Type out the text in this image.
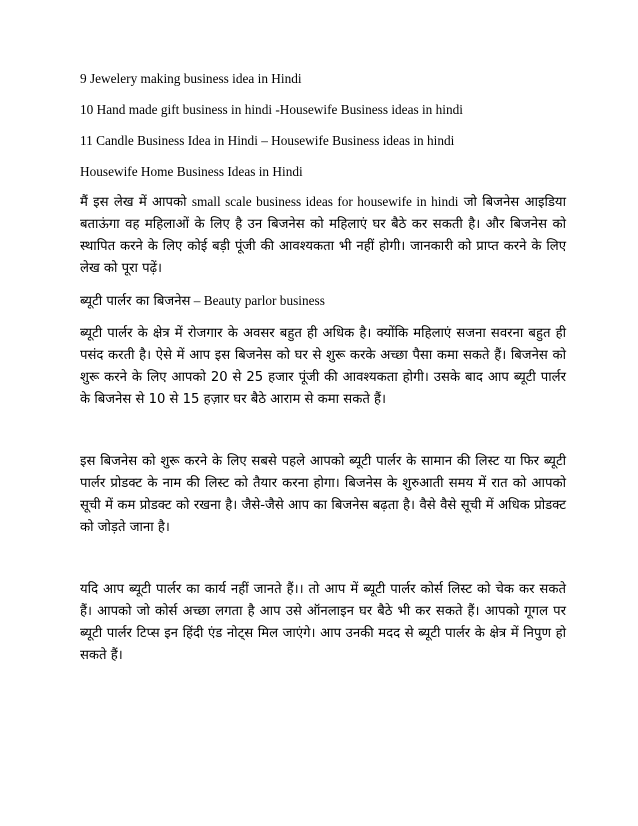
9 Jewelery making business idea in Hindi

10 Hand made gift business in hindi -Housewife Business ideas in hindi

11 Candle Business Idea in Hindi – Housewife Business ideas in hindi

Housewife Home Business Ideas in Hindi

मैं इस लेख में आपको small scale business ideas for housewife in hindi जो बिजनेस आइडिया बताऊंगा वह महिलाओं के लिए है उन बिजनेस को महिलाएं घर बैठे कर सकती है। और बिजनेस को स्थापित करने के लिए कोई बड़ी पूंजी की आवश्यकता भी नहीं होगी। जानकारी को प्राप्त करने के लिए लेख को पूरा पढ़ें।

ब्यूटी पार्लर का बिजनेस – Beauty parlor business

ब्यूटी पार्लर के क्षेत्र में रोजगार के अवसर बहुत ही अधिक है। क्योंकि महिलाएं सजना सवरना बहुत ही पसंद करती है। ऐसे में आप इस बिजनेस को घर से शुरू करके अच्छा पैसा कमा सकते हैं। बिजनेस को शुरू करने के लिए आपको 20 से 25 हजार पूंजी की आवश्यकता होगी। उसके बाद आप ब्यूटी पार्लर के बिजनेस से 10 से 15 हज़ार घर बैठे आराम से कमा सकते हैं।

इस बिजनेस को शुरू करने के लिए सबसे पहले आपको ब्यूटी पार्लर के सामान की लिस्ट या फिर ब्यूटी पार्लर प्रोडक्ट के नाम की लिस्ट को तैयार करना होगा। बिजनेस के शुरुआती समय में रात को आपको सूची में कम प्रोडक्ट को रखना है। जैसे-जैसे आप का बिजनेस बढ़ता है। वैसे वैसे सूची में अधिक प्रोडक्ट को जोड़ते जाना है।

यदि आप ब्यूटी पार्लर का कार्य नहीं जानते हैं।। तो आप में ब्यूटी पार्लर कोर्स लिस्ट को चेक कर सकते हैं। आपको जो कोर्स अच्छा लगता है आप उसे ऑनलाइन घर बैठे भी कर सकते हैं। आपको गूगल पर ब्यूटी पार्लर टिप्स इन हिंदी एंड नोट्स मिल जाएंगे। आप उनकी मदद से ब्यूटी पार्लर के क्षेत्र में निपुण हो सकते हैं।
